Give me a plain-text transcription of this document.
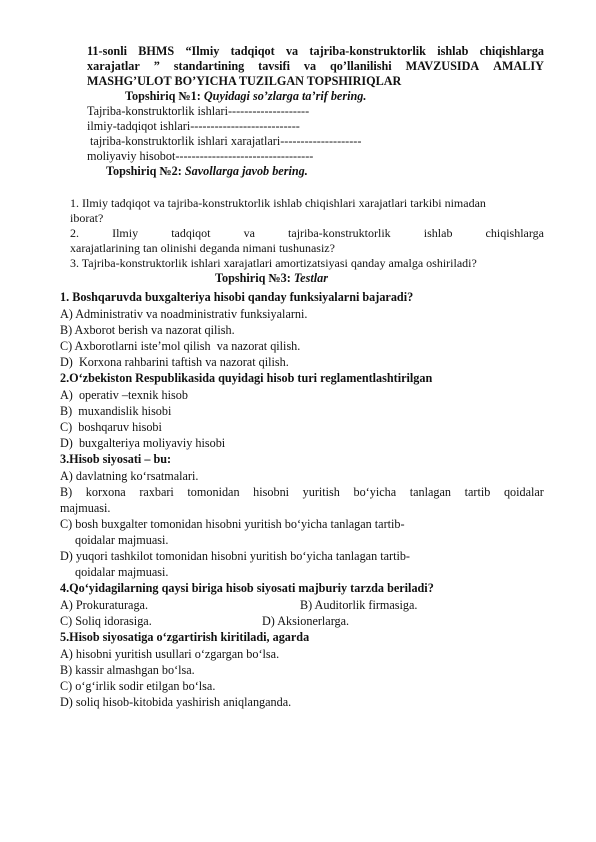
11-sonli BHMS “Ilmiy tadqiqot va tajriba-konstruktorlik ishlab chiqishlarga
xarajatlar ” standartining tavsifi va qo’llanilishi MAVZUSIDA AMALIY
MASHG’ULOT BO’YICHA TUZILGAN TOPSHIRIQLAR
Topshiriq №1: Quyidagi so’zlarga ta’rif bering.
Tajriba-konstruktorlik ishlari--------------------
ilmiy-tadqiqot ishlari---------------------------
tajriba-konstruktorlik ishlari xarajatlari--------------------
moliyaviy hisobot----------------------------------
Topshiriq №2: Savollarga javob bering.
1. Ilmiy tadqiqot va tajriba-konstruktorlik ishlab chiqishlari xarajatlari tarkibi nimadan
iborat?
2.	Ilmiy	tadqiqot	va	tajriba-konstruktorlik	ishlab	chiqishlarga
xarajatlarining tan olinishi deganda nimani tushunasiz?
3. Tajriba-konstruktorlik ishlari xarajatlari amortizatsiyasi qanday amalga oshiriladi?
Topshiriq №3: Testlar
1. Boshqaruvda buxgalteriya hisobi qanday funksiyalarni bajaradi?
A) Administrativ va noadministrativ funksiyalarni.
B) Axborot berish va nazorat qilish.
C) Axborotlarni iste’mol qilish  va nazorat qilish.
D)  Korxona rahbarini taftish va nazorat qilish.
2.O‘zbekiston Respublikasida quyidagi hisob turi reglamentlashtirilgan
A)  operativ –texnik hisob
B)  muxandislik hisobi
C)  boshqaruv hisobi
D)  buxgalteriya moliyaviy hisobi
3.Hisob siyosati – bu:
A) davlatning ko‘rsatmalari.
B) korxona raxbari tomonidan hisobni yuritish bo‘yicha tanlagan tartib qoidalar
majmuasi.
C) bosh buxgalter tomonidan hisobni yuritish bo‘yicha tanlagan tartib-
qoidalar majmuasi.
D) yuqori tashkilot tomonidan hisobni yuritish bo‘yicha tanlagan tartib-
qoidalar majmuasi.
4.Qo‘yidagilarning qaysi biriga hisob siyosati majburiy tarzda beriladi?
A) Prokuraturaga.	B) Auditorlik firmasiga.
C) Soliq idorasiga.	D) Aksionerlarga.
5.Hisob siyosatiga o‘zgartirish kiritiladi, agarda
A) hisobni yuritish usullari o‘zgargan bo‘lsa.
B) kassir almashgan bo‘lsa.
C) o‘g‘irlik sodir etilgan bo‘lsa.
D) soliq hisob-kitobida yashirish aniqlanganda.
